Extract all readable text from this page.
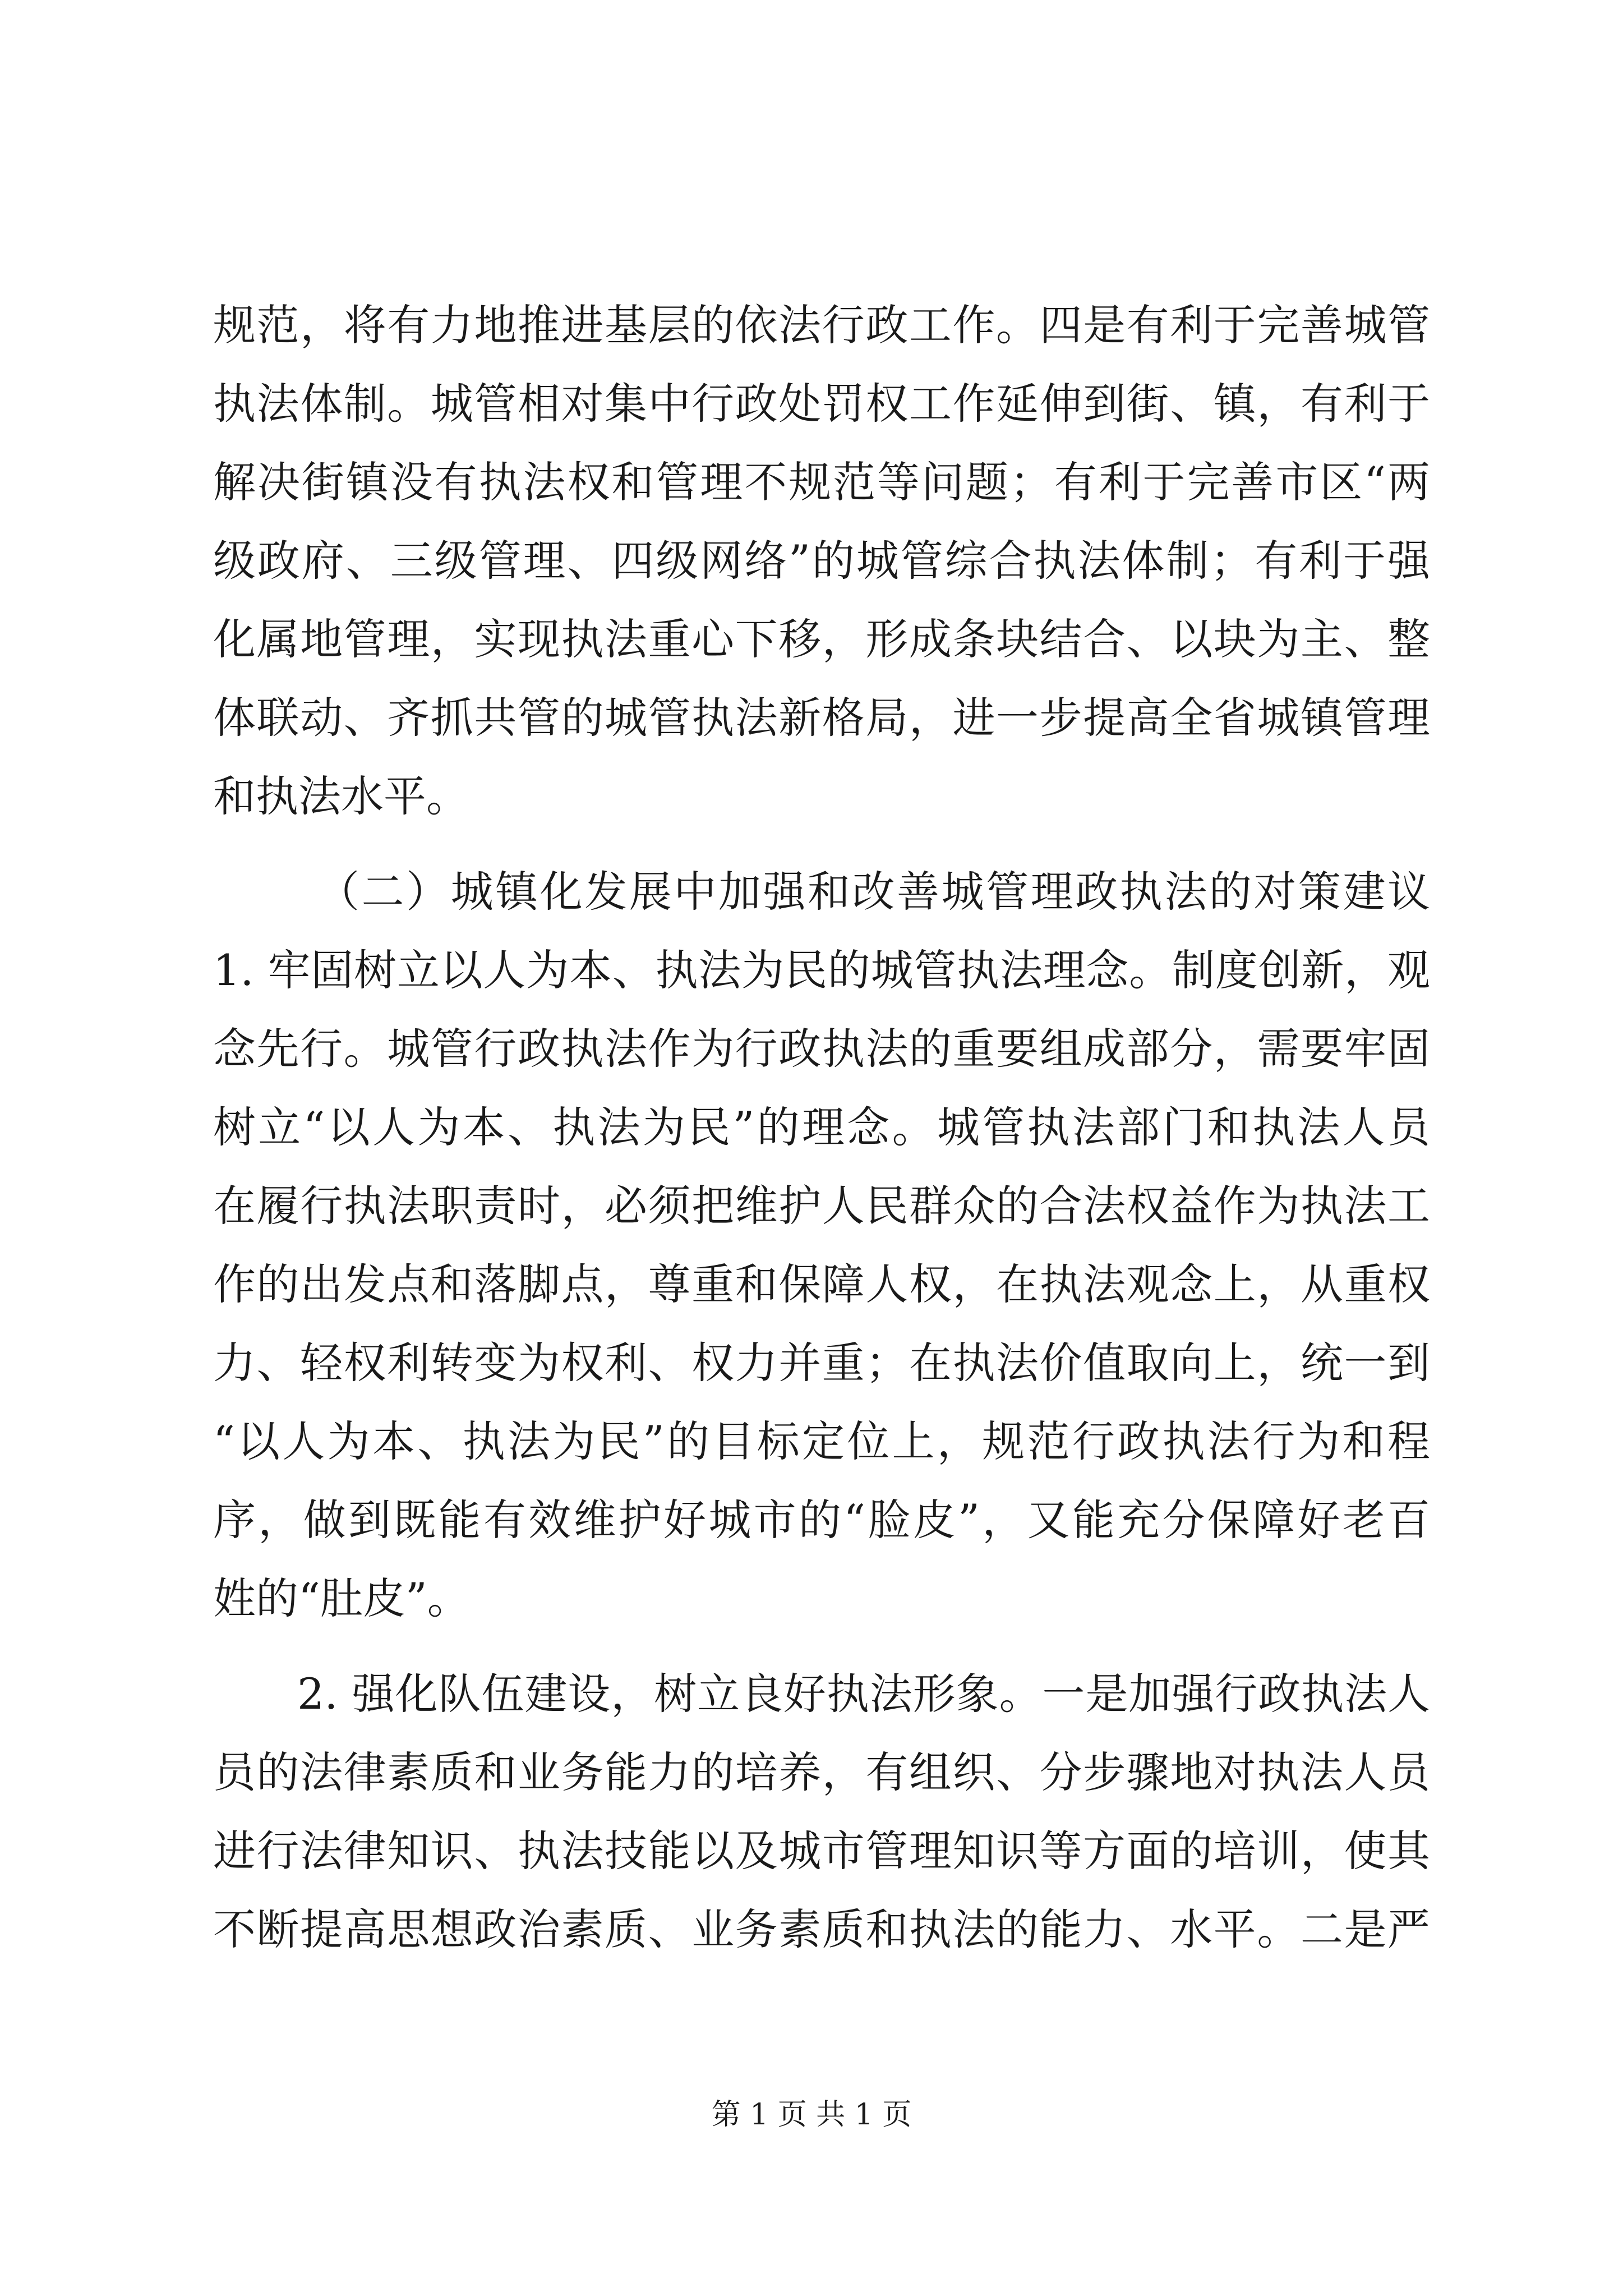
规范，将有力地推进基层的依法行政工作。四是有利于完善城管
执法体制。城管相对集中行政处罚权工作延伸到街、镇，有利于
解决街镇没有执法权和管理不规范等问题；有利于完善市区“两
级政府、三级管理、四级网络”的城管综合执法体制；有利于强
化属地管理，实现执法重心下移，形成条块结合、以块为主、整
体联动、齐抓共管的城管执法新格局，进一步提高全省城镇管理
和执法水平。
（二）城镇化发展中加强和改善城管理政执法的对策建议
1. 牢固树立以人为本、执法为民的城管执法理念。制度创新，观
念先行。城管行政执法作为行政执法的重要组成部分，需要牢固
树立“以人为本、执法为民”的理念。城管执法部门和执法人员
在履行执法职责时，必须把维护人民群众的合法权益作为执法工
作的出发点和落脚点，尊重和保障人权，在执法观念上，从重权
力、轻权利转变为权利、权力并重；在执法价值取向上，统一到
“以人为本、执法为民”的目标定位上，规范行政执法行为和程
序，做到既能有效维护好城市的“脸皮”，又能充分保障好老百
姓的“肚皮”。
2. 强化队伍建设，树立良好执法形象。一是加强行政执法人
员的法律素质和业务能力的培养，有组织、分步骤地对执法人员
进行法律知识、执法技能以及城市管理知识等方面的培训，使其
不断提高思想政治素质、业务素质和执法的能力、水平。二是严
第 1 页 共 1 页
